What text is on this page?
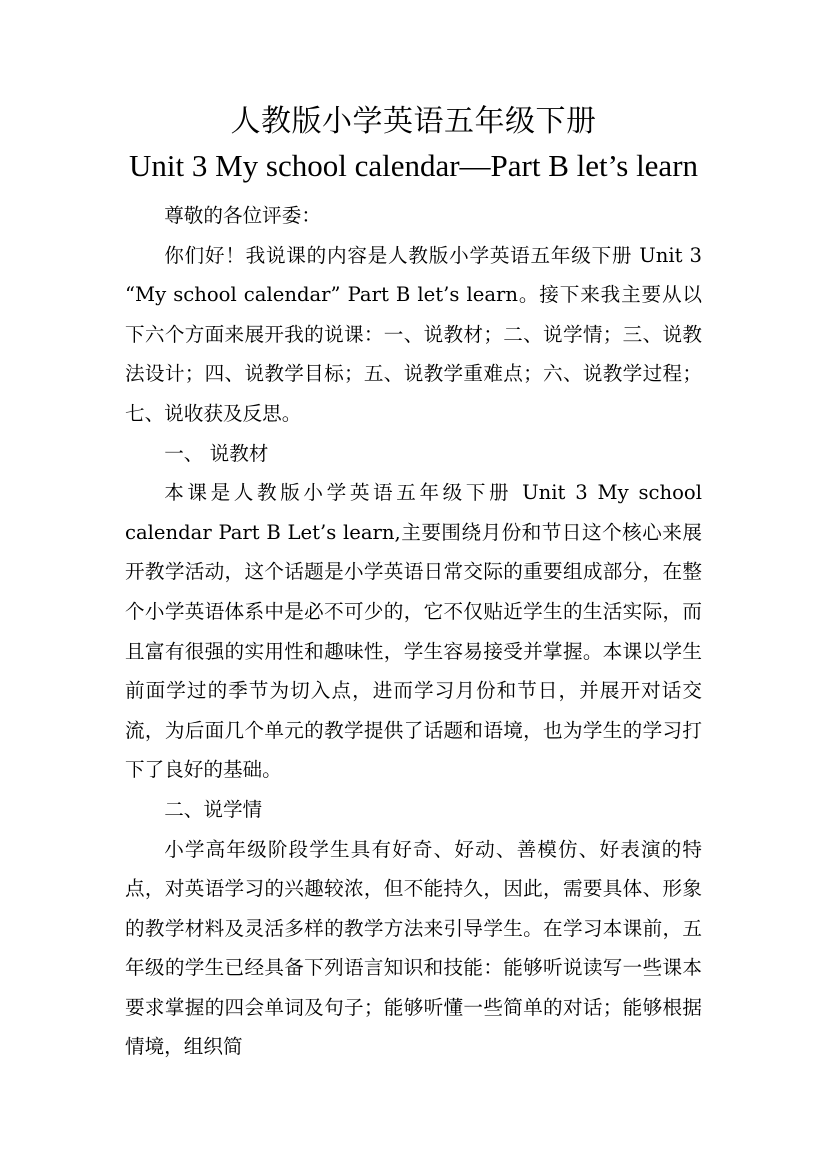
人教版小学英语五年级下册
Unit 3 My school calendar—Part B let’s learn

尊敬的各位评委：

你们好！我说课的内容是人教版小学英语五年级下册 Unit 3 “My school calendar” Part B let’s learn。接下来我主要从以下六个方面来展开我的说课：一、说教材；二、说学情；三、说教法设计；四、说教学目标；五、说教学重难点；六、说教学过程；七、说收获及反思。

一、 说教材

本课是人教版小学英语五年级下册 Unit 3 My school calendar Part B Let’s learn,主要围绕月份和节日这个核心来展开教学活动，这个话题是小学英语日常交际的重要组成部分，在整个小学英语体系中是必不可少的，它不仅贴近学生的生活实际，而且富有很强的实用性和趣味性，学生容易接受并掌握。本课以学生前面学过的季节为切入点，进而学习月份和节日，并展开对话交流，为后面几个单元的教学提供了话题和语境，也为学生的学习打下了良好的基础。

二、说学情

小学高年级阶段学生具有好奇、好动、善模仿、好表演的特点，对英语学习的兴趣较浓，但不能持久，因此，需要具体、形象的教学材料及灵活多样的教学方法来引导学生。在学习本课前，五年级的学生已经具备下列语言知识和技能：能够听说读写一些课本要求掌握的四会单词及句子；能够听懂一些简单的对话；能够根据情境，组织简
